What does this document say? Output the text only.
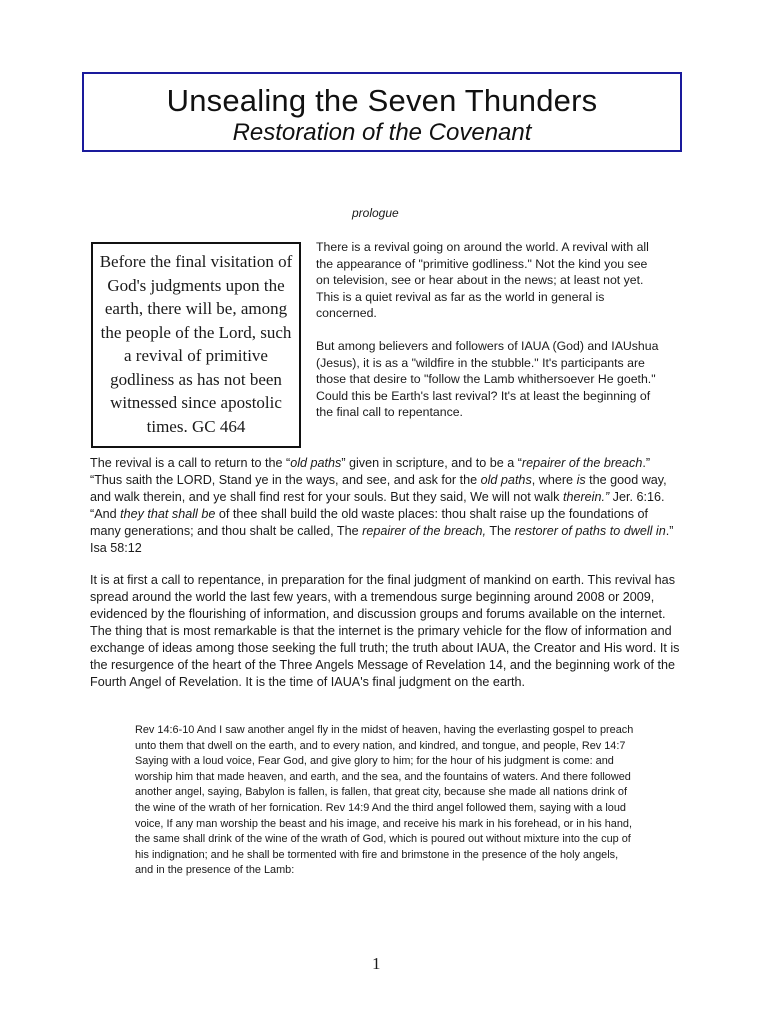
Unsealing the Seven Thunders
Restoration of the Covenant
prologue
Before the final visitation of God's judgments upon the earth, there will be, among the people of the Lord, such a revival of primitive godliness as has not been witnessed since apostolic times. GC 464

There is a revival going on around the world. A revival with all the appearance of "primitive godliness." Not the kind you see on television, see or hear about in the news; at least not yet. This is a quiet revival as far as the world in general is concerned.

But among believers and followers of IAUA (God) and IAUshua (Jesus), it is as a "wildfire in the stubble." It's participants are those that desire to "follow the Lamb whithersoever He goeth." Could this be Earth's last revival? It's at least the beginning of the final call to repentance.

The revival is a call to return to the “old paths” given in scripture, and to be a “repairer of the breach.” “Thus saith the LORD, Stand ye in the ways, and see, and ask for the old paths, where is the good way, and walk therein, and ye shall find rest for your souls. But they said, We will not walk therein.” Jer. 6:16. “And they that shall be of thee shall build the old waste places: thou shalt raise up the foundations of many generations; and thou shalt be called, The repairer of the breach, The restorer of paths to dwell in.” Isa 58:12

It is at first a call to repentance, in preparation for the final judgment of mankind on earth. This revival has spread around the world the last few years, with a tremendous surge beginning around 2008 or 2009, evidenced by the flourishing of information, and discussion groups and forums available on the internet. The thing that is most remarkable is that the internet is the primary vehicle for the flow of information and exchange of ideas among those seeking the full truth; the truth about IAUA, the Creator and His word. It is the resurgence of the heart of the Three Angels Message of Revelation 14, and the beginning work of the Fourth Angel of Revelation. It is the time of IAUA's final judgment on the earth.

Rev 14:6-10 And I saw another angel fly in the midst of heaven, having the everlasting gospel to preach unto them that dwell on the earth, and to every nation, and kindred, and tongue, and people, Rev 14:7 Saying with a loud voice, Fear God, and give glory to him; for the hour of his judgment is come: and worship him that made heaven, and earth, and the sea, and the fountains of waters. And there followed another angel, saying, Babylon is fallen, is fallen, that great city, because she made all nations drink of the wine of the wrath of her fornication. Rev 14:9 And the third angel followed them, saying with a loud voice, If any man worship the beast and his image, and receive his mark in his forehead, or in his hand, the same shall drink of the wine of the wrath of God, which is poured out without mixture into the cup of his indignation; and he shall be tormented with fire and brimstone in the presence of the holy angels, and in the presence of the Lamb:
1
